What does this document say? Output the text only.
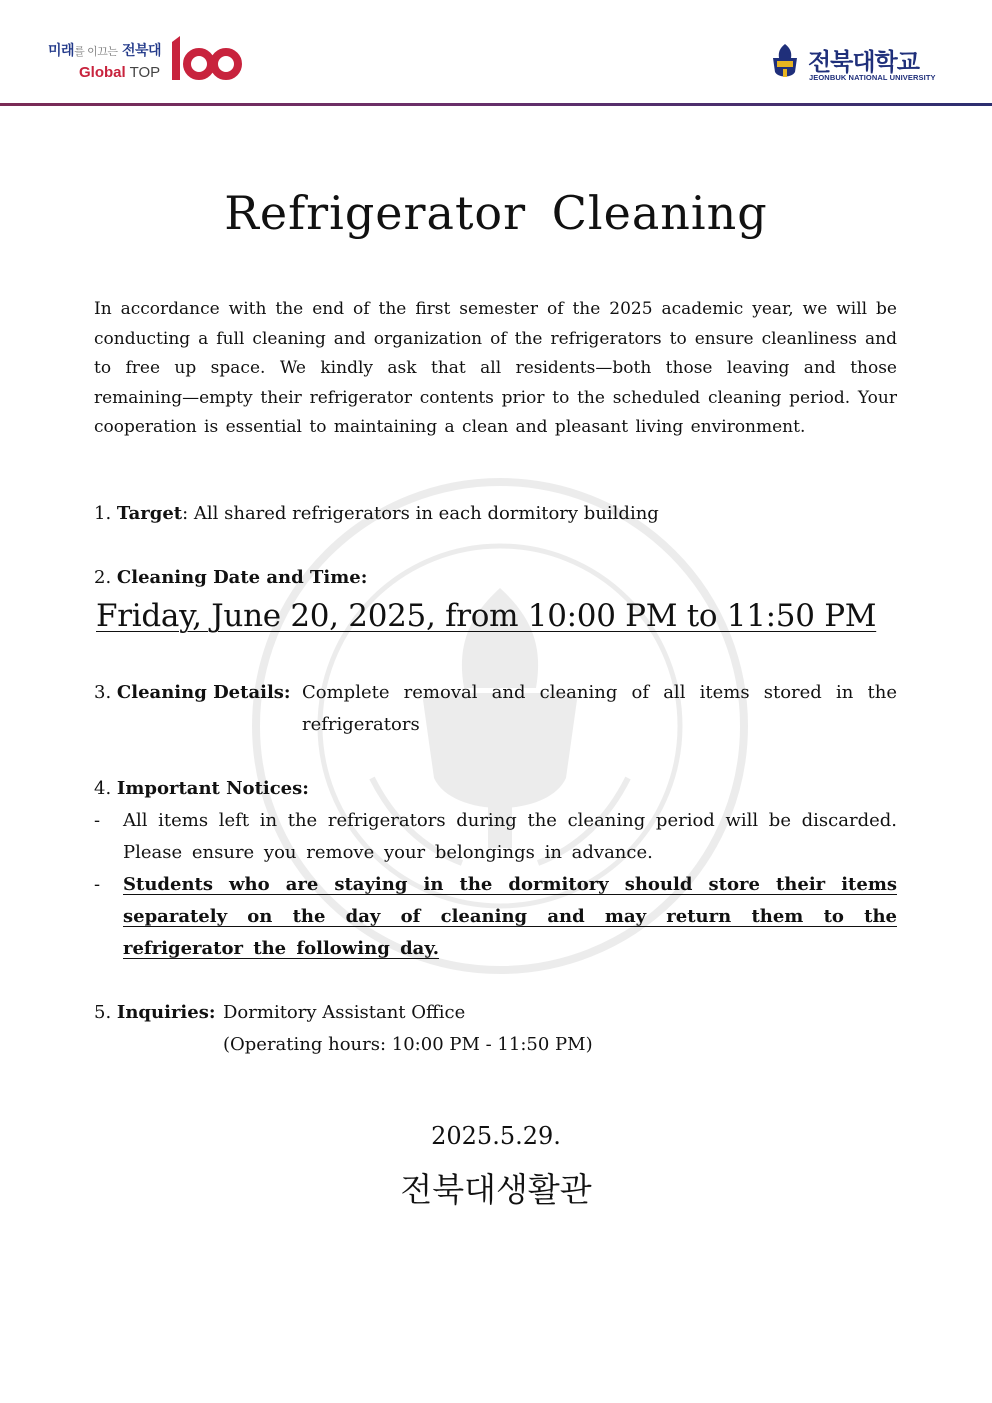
미래를 이끄는 전북대
Global TOP	전북대학교
JEONBUK NATIONAL UNIVERSITY
Refrigerator Cleaning
In accordance with the end of the first semester of the 2025 academic year, we will be conducting a full cleaning and organization of the refrigerators to ensure cleanliness and to free up space. We kindly ask that all residents—both those leaving and those remaining—empty their refrigerator contents prior to the scheduled cleaning period. Your cooperation is essential to maintaining a clean and pleasant living environment.
1. Target: All shared refrigerators in each dormitory building
2. Cleaning Date and Time:
Friday, June 20, 2025, from 10:00 PM to 11:50 PM
3. Cleaning Details: Complete removal and cleaning of all items stored in the refrigerators
4. Important Notices:
- All items left in the refrigerators during the cleaning period will be discarded. Please ensure you remove your belongings in advance.
- Students who are staying in the dormitory should store their items separately on the day of cleaning and may return them to the refrigerator the following day.
5. Inquiries: Dormitory Assistant Office
(Operating hours: 10:00 PM - 11:50 PM)
2025.5.29.
전북대생활관
